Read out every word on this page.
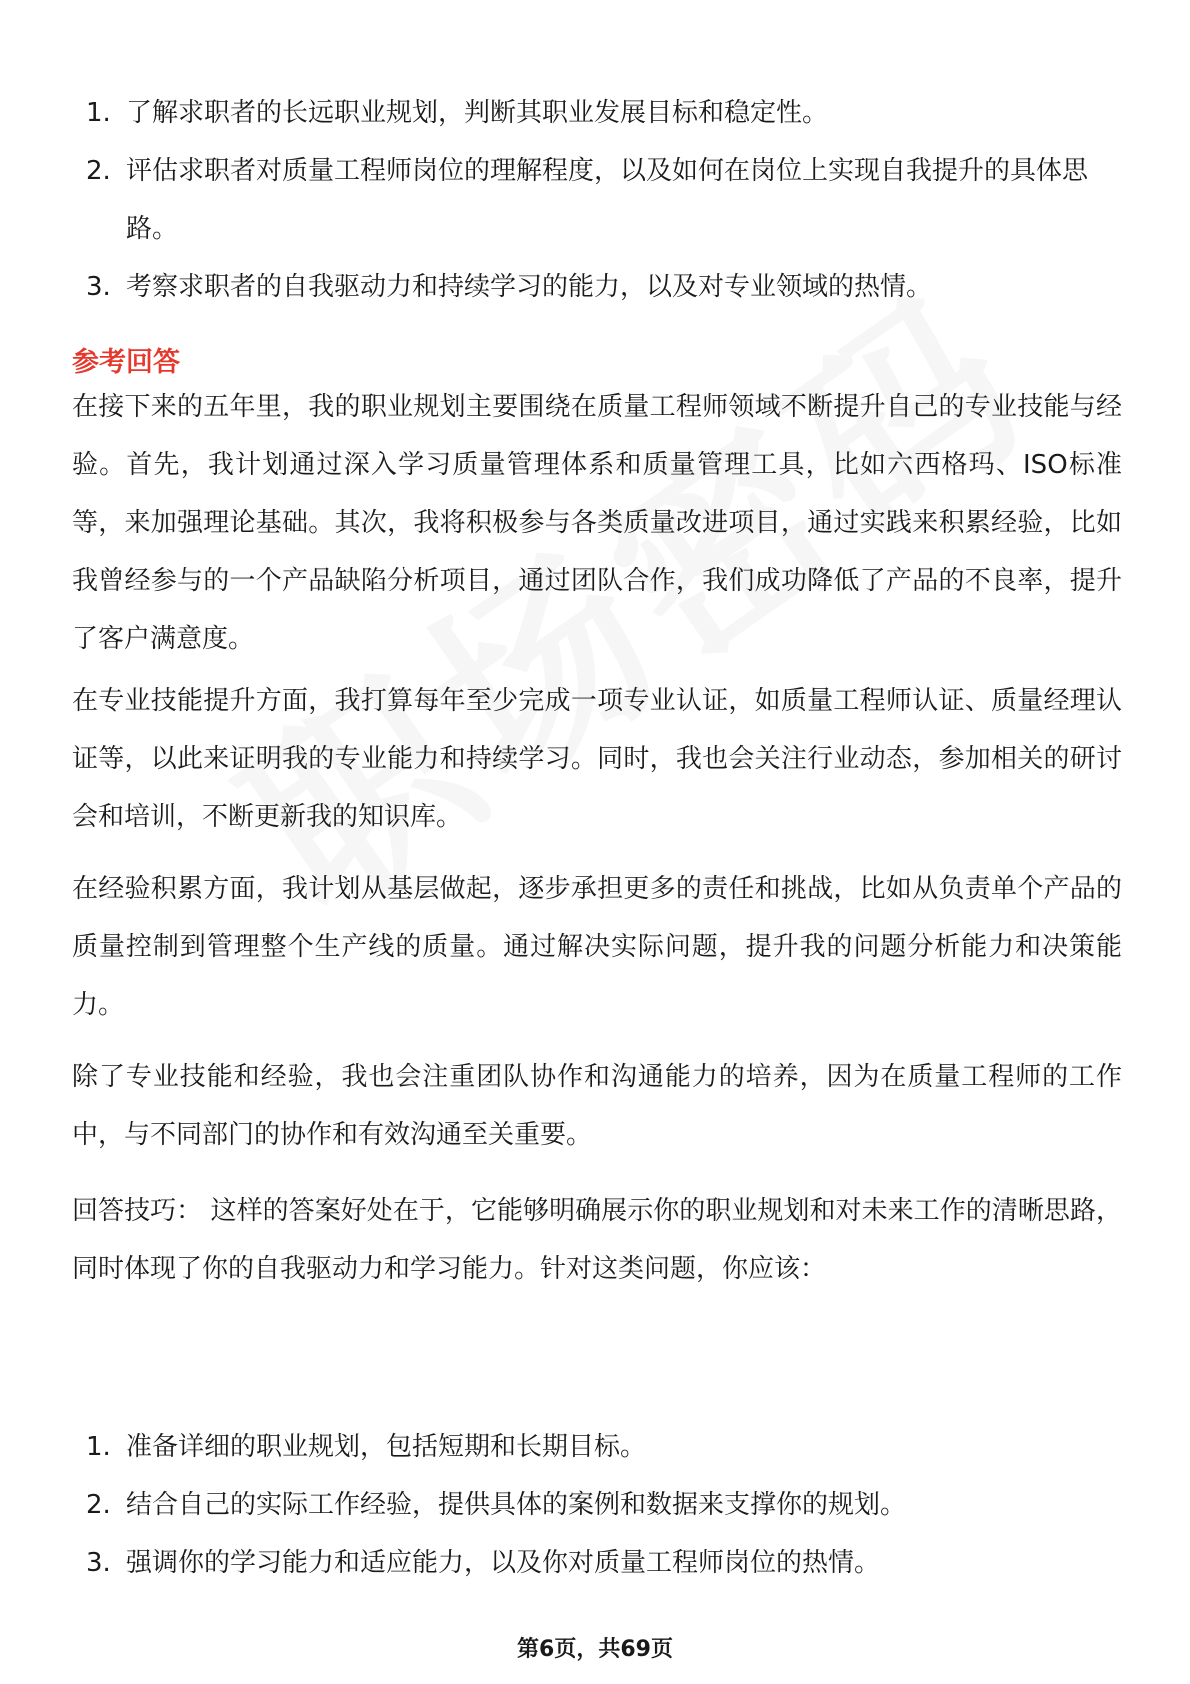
1. 了解求职者的长远职业规划，判断其职业发展目标和稳定性。
2. 评估求职者对质量工程师岗位的理解程度，以及如何在岗位上实现自我提升的具体思路。
3. 考察求职者的自我驱动力和持续学习的能力，以及对专业领域的热情。
参考回答

在接下来的五年里，我的职业规划主要围绕在质量工程师领域不断提升自己的专业技能与经验。首先，我计划通过深入学习质量管理体系和质量管理工具，比如六西格玛、ISO标准等，来加强理论基础。其次，我将积极参与各类质量改进项目，通过实践来积累经验，比如我曾经参与的一个产品缺陷分析项目，通过团队合作，我们成功降低了产品的不良率，提升了客户满意度。

在专业技能提升方面，我打算每年至少完成一项专业认证，如质量工程师认证、质量经理认证等，以此来证明我的专业能力和持续学习。同时，我也会关注行业动态，参加相关的研讨会和培训，不断更新我的知识库。

在经验积累方面，我计划从基层做起，逐步承担更多的责任和挑战，比如从负责单个产品的质量控制到管理整个生产线的质量。通过解决实际问题，提升我的问题分析能力和决策能力。

除了专业技能和经验，我也会注重团队协作和沟通能力的培养，因为在质量工程师的工作中，与不同部门的协作和有效沟通至关重要。

回答技巧： 这样的答案好处在于，它能够明确展示你的职业规划和对未来工作的清晰思路，同时体现了你的自我驱动力和学习能力。针对这类问题，你应该：

1. 准备详细的职业规划，包括短期和长期目标。
2. 结合自己的实际工作经验，提供具体的案例和数据来支撑你的规划。
3. 强调你的学习能力和适应能力，以及你对质量工程师岗位的热情。
第6页，共69页
